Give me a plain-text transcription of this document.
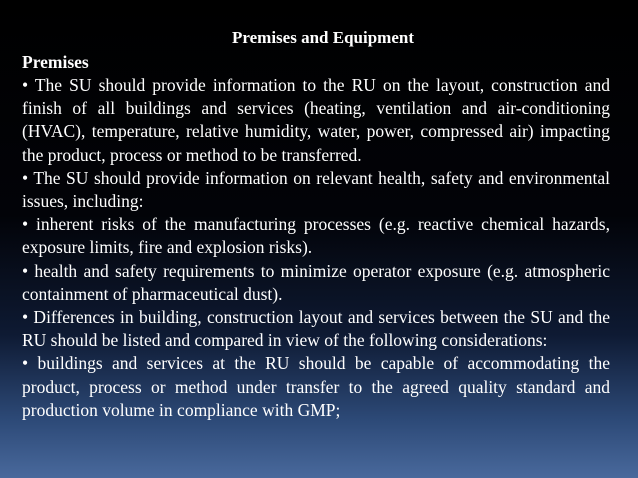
Premises and Equipment
Premises

• The SU should provide information to the RU on the layout, construction and finish of all buildings and services (heating, ventilation and air-conditioning (HVAC), temperature, relative humidity, water, power, compressed air) impacting the product, process or method to be transferred.

• The SU should provide information on relevant health, safety and environmental issues, including:

• inherent risks of the manufacturing processes (e.g. reactive chemical hazards, exposure limits, fire and explosion risks).

• health and safety requirements to minimize operator exposure (e.g. atmospheric containment of pharmaceutical dust).

• Differences in building, construction layout and services between the SU and the RU should be listed and compared in view of the following considerations:

• buildings and services at the RU should be capable of accommodating the product, process or method under transfer to the agreed quality standard and production volume in compliance with GMP;
